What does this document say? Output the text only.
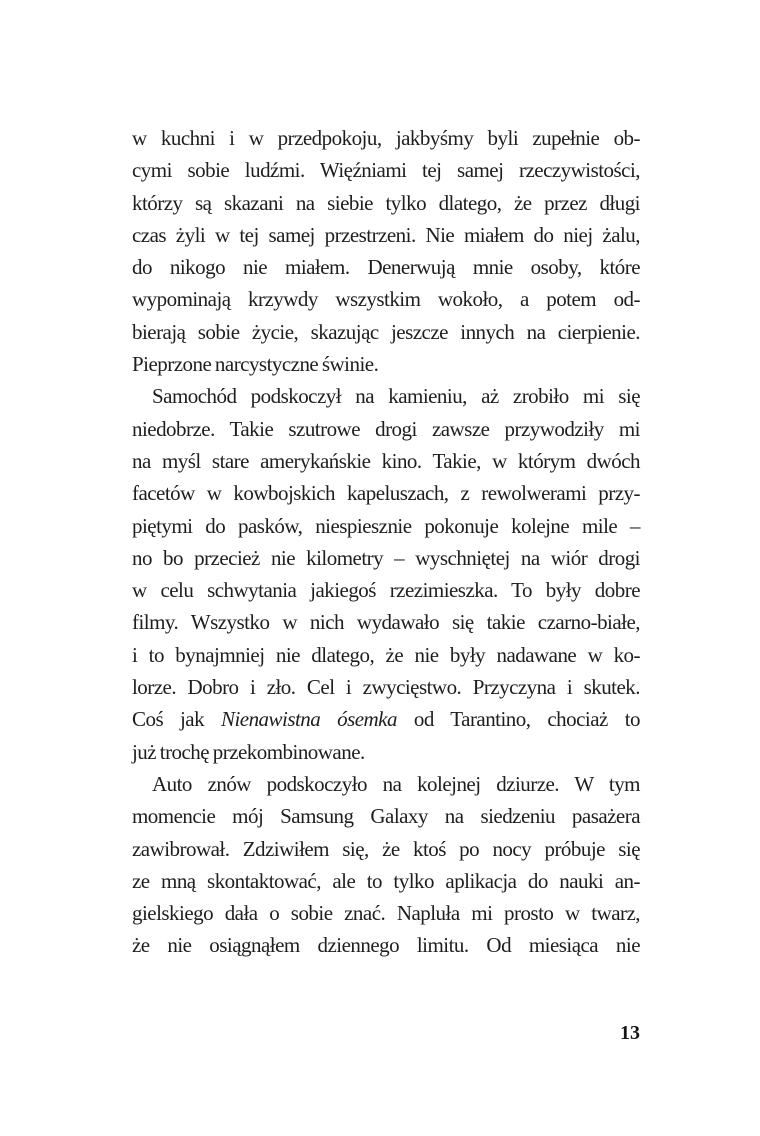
w kuchni i w przedpokoju, jakbyśmy byli zupełnie ob-
cymi sobie ludźmi. Więźniami tej samej rzeczywistości,
którzy są skazani na siebie tylko dlatego, że przez długi
czas żyli w tej samej przestrzeni. Nie miałem do niej żalu,
do nikogo nie miałem. Denerwują mnie osoby, które
wypominają krzywdy wszystkim wokoło, a potem od-
bierają sobie życie, skazując jeszcze innych na cierpienie.
Pieprzone narcystyczne świnie.
Samochód podskoczył na kamieniu, aż zrobiło mi się
niedobrze. Takie szutrowe drogi zawsze przywodziły mi
na myśl stare amerykańskie kino. Takie, w którym dwóch
facetów w kowbojskich kapeluszach, z rewolwerami przy-
piętymi do pasków, niespiesznie pokonuje kolejne mile –
no bo przecież nie kilometry – wyschniętej na wiór drogi
w celu schwytania jakiegoś rzezimieszka. To były dobre
filmy. Wszystko w nich wydawało się takie czarno-białe,
i to bynajmniej nie dlatego, że nie były nadawane w ko-
lorze. Dobro i zło. Cel i zwycięstwo. Przyczyna i skutek.
Coś jak Nienawistna ósemka od Tarantino, chociaż to
już trochę przekombinowane.
Auto znów podskoczyło na kolejnej dziurze. W tym
momencie mój Samsung Galaxy na siedzeniu pasażera
zawibrował. Zdziwiłem się, że ktoś po nocy próbuje się
ze mną skontaktować, ale to tylko aplikacja do nauki an-
gielskiego dała o sobie znać. Napluła mi prosto w twarz,
że nie osiągnąłem dziennego limitu. Od miesiąca nie
13
